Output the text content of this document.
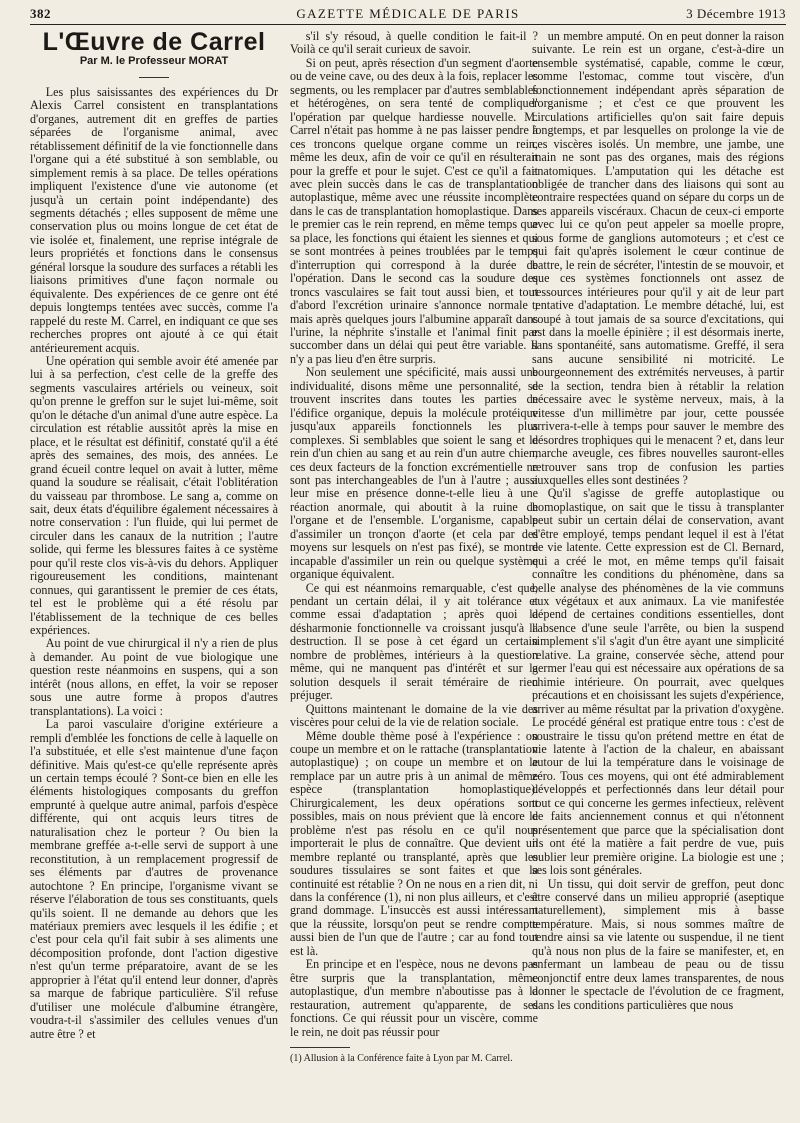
382	GAZETTE MÉDICALE DE PARIS	3 Décembre 1913
L'Œuvre de Carrel
Par M. le Professeur MORAT

Les plus saisissantes des expériences du Dr Alexis Carrel consistent en transplantations d'organes, autrement dit en greffes de parties séparées de l'organisme animal, avec rétablissement définitif de la vie fonctionnelle dans l'organe qui a été substitué à son semblable, ou simplement remis à sa place. De telles opérations impliquent l'existence d'une vie autonome (et jusqu'à un certain point indépendante) des segments détachés ; elles supposent de même une conservation plus ou moins longue de cet état de vie isolée et, finalement, une reprise intégrale de leurs propriétés et fonctions dans le consensus général lorsque la soudure des surfaces a rétabli les liaisons primitives d'une façon normale ou équivalente. Des expériences de ce genre ont été depuis longtemps tentées avec succès, comme l'a rappelé du reste M. Carrel, en indiquant ce que ses recherches propres ont ajouté à ce qui était antérieurement acquis.

Une opération qui semble avoir été amenée par lui à sa perfection, c'est celle de la greffe des segments vasculaires artériels ou veineux, soit qu'on prenne le greffon sur le sujet lui-même, soit qu'on le détache d'un animal d'une autre espèce. La circulation est rétablie aussitôt après la mise en place, et le résultat est définitif, constaté qu'il a été après des semaines, des mois, des années. Le grand écueil contre lequel on avait à lutter, même quand la soudure se réalisait, c'était l'oblitération du vaisseau par thrombose. Le sang a, comme on sait, deux états d'équilibre également nécessaires à notre conservation : l'un fluide, qui lui permet de circuler dans les canaux de la nutrition ; l'autre solide, qui ferme les blessures faites à ce système pour qu'il reste clos vis-à-vis du dehors. Appliquer rigoureusement les conditions, maintenant connues, qui garantissent le premier de ces états, tel est le problème qui a été résolu par l'établissement de la technique de ces belles expériences.

Au point de vue chirurgical il n'y a rien de plus à demander. Au point de vue biologique une question reste néanmoins en suspens, qui a son intérêt (nous allons, en effet, la voir se reposer sous une autre forme à propos d'autres transplantations). La voici :

La paroi vasculaire d'origine extérieure a rempli d'emblée les fonctions de celle à laquelle on l'a substituée, et elle s'est maintenue d'une façon définitive. Mais qu'est-ce qu'elle représente après un certain temps écoulé ? Sont-ce bien en elle les éléments histologiques composants du greffon emprunté à quelque autre animal, parfois d'espèce différente, qui ont acquis leurs titres de naturalisation chez le porteur ? Ou bien la membrane greffée a-t-elle servi de support à une reconstitution, à un remplacement progressif de ses éléments par d'autres de provenance autochtone ? En principe, l'organisme vivant se réserve l'élaboration de tous ses constituants, quels qu'ils soient. Il ne demande au dehors que les matériaux premiers avec lesquels il les édifie ; et c'est pour cela qu'il fait subir à ses aliments une décomposition profonde, dont l'action digestive n'est qu'un terme préparatoire, avant de se les approprier à l'état qu'il entend leur donner, d'après sa marque de fabrique particulière. S'il refuse d'utiliser une molécule d'albumine étrangère, voudra-t-il s'assimiler des cellules venues d'un autre être ? et

s'il s'y résoud, à quelle condition le fait-il ? Voilà ce qu'il serait curieux de savoir.

Si on peut, après résection d'un segment d'aorte ou de veine cave, ou des deux à la fois, replacer les segments, ou les remplacer par d'autres semblables et hétérogènes, on sera tenté de compliquer l'opération par quelque hardiesse nouvelle. M. Carrel n'était pas homme à ne pas laisser pendre à ces troncons quelque organe comme un rein, même les deux, afin de voir ce qu'il en résulterait pour la greffe et pour le sujet. C'est ce qu'il a fait avec plein succès dans le cas de transplantation autoplastique, même avec une réussite incomplète dans le cas de transplantation homoplastique. Dans le premier cas le rein reprend, en même temps que sa place, les fonctions qui étaient les siennes et qui se sont montrées à peines troublées par le temps d'interruption qui correspond à la durée de l'opération. Dans le second cas la soudure des troncs vasculaires se fait tout aussi bien, et tout d'abord l'excrétion urinaire s'annonce normale ; mais après quelques jours l'albumine apparaît dans l'urine, la néphrite s'installe et l'animal finit par succomber dans un délai qui peut être variable. Il n'y a pas lieu d'en être surpris.

Non seulement une spécificité, mais aussi une individualité, disons même une personnalité, se trouvent inscrites dans toutes les parties de l'édifice organique, depuis la molécule protéique jusqu'aux appareils fonctionnels les plus complexes. Si semblables que soient le sang et le rein d'un chien au sang et au rein d'un autre chien, ces deux facteurs de la fonction excrémentielle ne sont pas interchangeables de l'un à l'autre ; aussi leur mise en présence donne-t-elle lieu à une réaction anormale, qui aboutit à la ruine de l'organe et de l'ensemble. L'organisme, capable d'assimiler un tronçon d'aorte (et cela par des moyens sur lesquels on n'est pas fixé), se montre incapable d'assimiler un rein ou quelque système organique équivalent.

Ce qui est néanmoins remarquable, c'est que, pendant un certain délai, il y ait tolérance et comme essai d'adaptation ; après quoi la désharmonie fonctionnelle va croissant jusqu'à la destruction. Il se pose à cet égard un certain nombre de problèmes, intérieurs à la question même, qui ne manquent pas d'intérêt et sur la solution desquels il serait téméraire de rien préjuger.

Quittons maintenant le domaine de la vie des viscères pour celui de la vie de relation sociale.

Même double thème posé à l'expérience : on coupe un membre et on le rattache (transplantation autoplastique) ; on coupe un membre et on le remplace par un autre pris à un animal de même espèce (transplantation homoplastique). Chirurgicalement, les deux opérations sont possibles, mais on nous prévient que là encore le problème n'est pas résolu en ce qu'il nous importerait le plus de connaître. Que devient un membre replanté ou transplanté, après que les soudures tissulaires se sont faites et que la continuité est rétablie ? On ne nous en a rien dit, ni dans la conférence (1), ni non plus ailleurs, et c'est grand dommage. L'insuccès est aussi intéressant que la réussite, lorsqu'on peut se rendre compte aussi bien de l'un que de l'autre ; car au fond tout est là.

En principe et en l'espèce, nous ne devons pas être surpris que la transplantation, même autoplastique, d'un membre n'aboutisse pas à la restauration, autrement qu'apparente, de ses fonctions. Ce qui réussit pour un viscère, comme le rein, ne doit pas réussir pour

(1) Allusion à la Conférence faite à Lyon par M. Carrel.

un membre amputé. On en peut donner la raison suivante. Le rein est un organe, c'est-à-dire un ensemble systématisé, capable, comme le cœur, comme l'estomac, comme tout viscère, d'un fonctionnement indépendant après séparation de l'organisme ; et c'est ce que prouvent les circulations artificielles qu'on sait faire depuis longtemps, et par lesquelles on prolonge la vie de ces viscères isolés. Un membre, une jambe, une main ne sont pas des organes, mais des régions anatomiques. L'amputation qui les détache est obligée de trancher dans des liaisons qui sont au contraire respectées quand on sépare du corps un de ses appareils viscéraux. Chacun de ceux-ci emporte avec lui ce qu'on peut appeler sa moelle propre, sous forme de ganglions automoteurs ; et c'est ce qui fait qu'après isolement le cœur continue de battre, le rein de sécréter, l'intestin de se mouvoir, et que ces systèmes fonctionnels ont assez de ressources intérieures pour qu'il y ait de leur part tentative d'adaptation. Le membre détaché, lui, est coupé à tout jamais de sa source d'excitations, qui est dans la moelle épinière ; il est désormais inerte, sans spontanéité, sans automatisme. Greffé, il sera sans aucune sensibilité ni motricité. Le bourgeonnement des extrémités nerveuses, à partir de la section, tendra bien à rétablir la relation nécessaire avec le système nerveux, mais, à la vitesse d'un millimètre par jour, cette poussée arrivera-t-elle à temps pour sauver le membre des désordres trophiques qui le menacent ? et, dans leur marche aveugle, ces fibres nouvelles sauront-elles retrouver sans trop de confusion les parties auxquelles elles sont destinées ?

Qu'il s'agisse de greffe autoplastique ou homoplastique, on sait que le tissu à transplanter peut subir un certain délai de conservation, avant d'être employé, temps pendant lequel il est à l'état de vie latente. Cette expression est de Cl. Bernard, qui a créé le mot, en même temps qu'il faisait connaître les conditions du phénomène, dans sa belle analyse des phénomènes de la vie communs aux végétaux et aux animaux. La vie manifestée dépend de certaines conditions essentielles, dont l'absence d'une seule l'arrête, ou bien la suspend simplement s'il s'agit d'un être ayant une simplicité relative. La graine, conservée sèche, attend pour germer l'eau qui est nécessaire aux opérations de sa chimie intérieure. On pourrait, avec quelques précautions et en choisissant les sujets d'expérience, arriver au même résultat par la privation d'oxygène. Le procédé général est pratique entre tous : c'est de soustraire le tissu qu'on prétend mettre en état de vie latente à l'action de la chaleur, en abaissant autour de lui la température dans le voisinage de zéro. Tous ces moyens, qui ont été admirablement développés et perfectionnés dans leur détail pour tout ce qui concerne les germes infectieux, relèvent de faits anciennement connus et qui n'étonnent présentement que parce que la spécialisation dont ils ont été la matière a fait perdre de vue, puis oublier leur première origine. La biologie est une ; ses lois sont générales.

Un tissu, qui doit servir de greffon, peut donc être conservé dans un milieu approprié (aseptique naturellement), simplement mis à basse température. Mais, si nous sommes maître de rendre ainsi sa vie latente ou suspendue, il ne tient qu'à nous non plus de la faire se manifester, et, en enfermant un lambeau de peau ou de tissu conjonctif entre deux lames transparentes, de nous donner le spectacle de l'évolution de ce fragment, dans les conditions particulières que nous
